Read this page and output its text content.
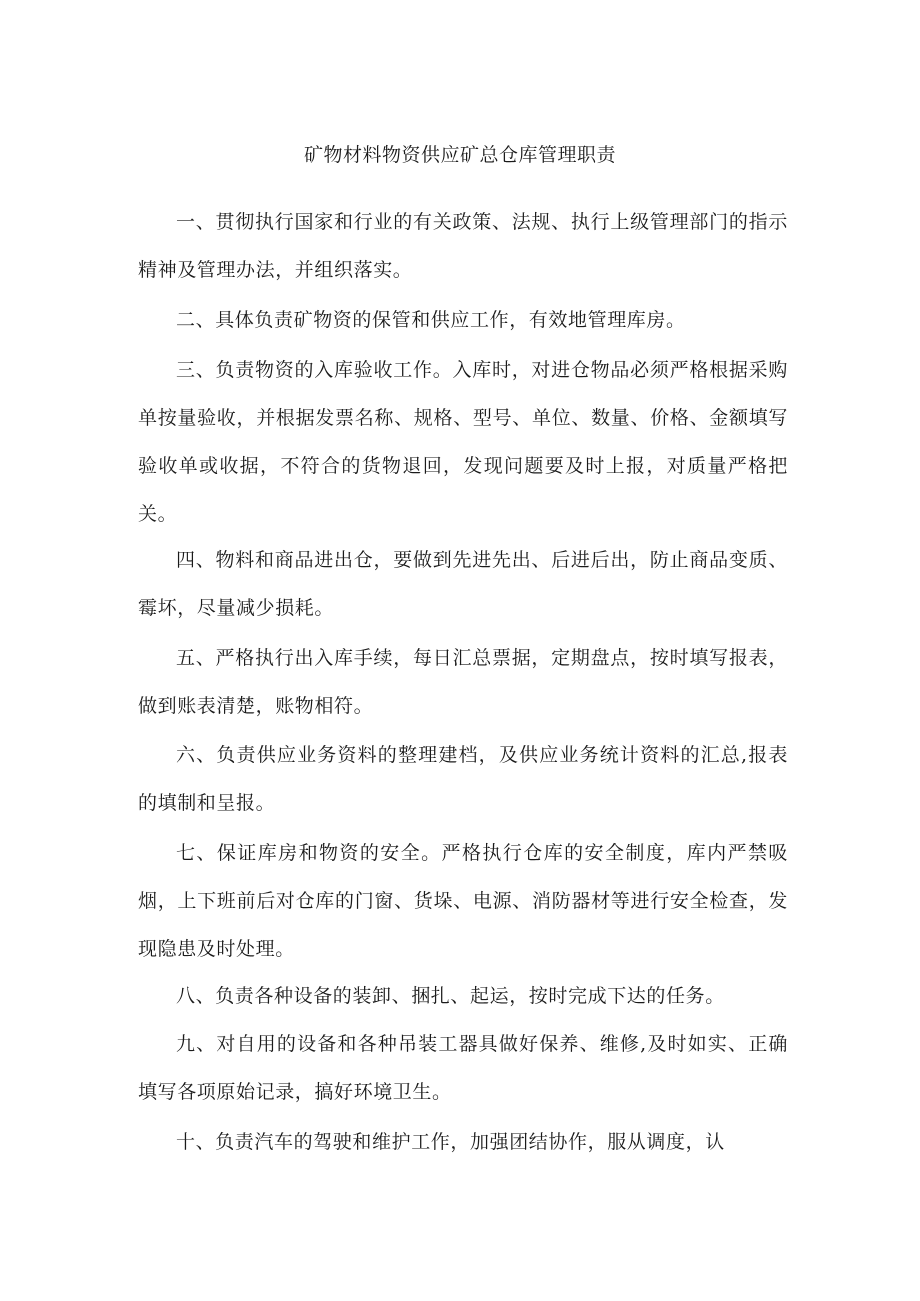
矿物材料物资供应矿总仓库管理职责

一、贯彻执行国家和行业的有关政策、法规、执行上级管理部门的指示精神及管理办法，并组织落实。

二、具体负责矿物资的保管和供应工作，有效地管理库房。

三、负责物资的入库验收工作。入库时，对进仓物品必须严格根据采购单按量验收，并根据发票名称、规格、型号、单位、数量、价格、金额填写验收单或收据，不符合的货物退回，发现问题要及时上报，对质量严格把关。

四、物料和商品进出仓，要做到先进先出、后进后出，防止商品变质、霉坏，尽量减少损耗。

五、严格执行出入库手续，每日汇总票据，定期盘点，按时填写报表，做到账表清楚，账物相符。

六、负责供应业务资料的整理建档，及供应业务统计资料的汇总,报表的填制和呈报。

七、保证库房和物资的安全。严格执行仓库的安全制度，库内严禁吸烟，上下班前后对仓库的门窗、货垛、电源、消防器材等进行安全检查，发现隐患及时处理。

八、负责各种设备的装卸、捆扎、起运，按时完成下达的任务。

九、对自用的设备和各种吊装工器具做好保养、维修,及时如实、正确填写各项原始记录，搞好环境卫生。

十、负责汽车的驾驶和维护工作，加强团结协作，服从调度，认
